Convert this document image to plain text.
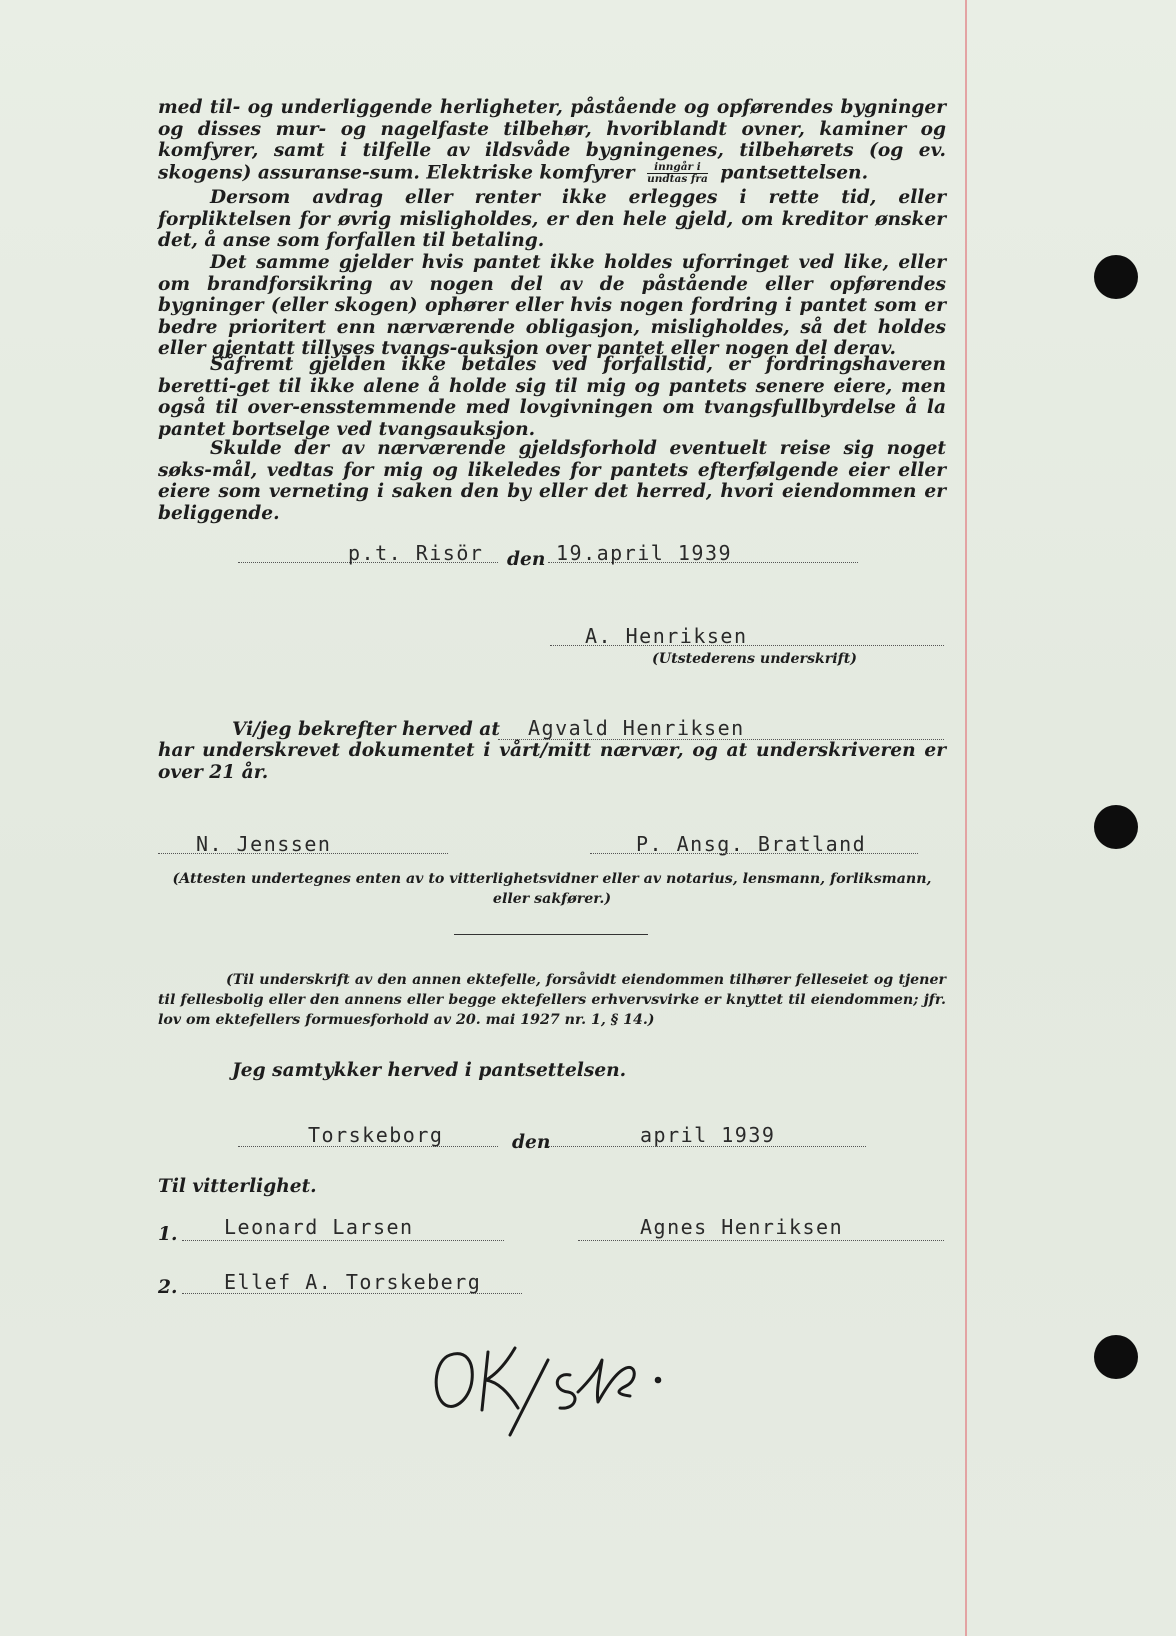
med til- og underliggende herligheter, påstående og opførendes bygninger og disses mur- og nagelfaste tilbehør, hvoriblandt ovner, kaminer og komfyrer, samt i tilfelle av ildsvåde bygningenes, tilbehørets (og ev. skogens) assuranse-sum. Elektriske komfyrer $\frac{\text{inngår i}}{\text{undtas fra}}$ pantsettelsen.
Dersom avdrag eller renter ikke erlegges i rette tid, eller forpliktelsen for øvrig misligholdes, er den hele gjeld, om kreditor ønsker det, å anse som forfallen til betaling.
Det samme gjelder hvis pantet ikke holdes uforringet ved like, eller om brandforsikring av nogen del av de påstående eller opførendes bygninger (eller skogen) ophører eller hvis nogen fordring i pantet som er bedre prioritert enn nærværende obligasjon, misligholdes, så det holdes eller gjentatt tillyses tvangs-auksjon over pantet eller nogen del derav.
Såfremt gjelden ikke betales ved forfallstid, er fordringshaveren beretti-get til ikke alene å holde sig til mig og pantets senere eiere, men også til over-ensstemmende med lovgivningen om tvangsfullbyrdelse å la pantet bortselge ved tvangsauksjon.
Skulde der av nærværende gjeldsforhold eventuelt reise sig noget søks-mål, vedtas for mig og likeledes for pantets efterfølgende eier eller eiere som verneting i saken den by eller det herred, hvori eiendommen er beliggende.
p.t. Risör den 19.april 1939
A. Henriksen
(Utstederens underskrift)
Vi/jeg bekrefter herved at Agvald Henriksen
har underskrevet dokumentet i vårt/mitt nærvær, og at underskriveren er over 21 år.
N. Jenssen	P. Ansg. Bratland
(Attesten undertegnes enten av to vitterlighetsvidner eller av notarius, lensmann, forliksmann, eller sakfører.)
(Til underskrift av den annen ektefelle, forsåvidt eiendommen tilhører felleseiet og tjener til fellesbolig eller den annens eller begge ektefellers erhvervsvirke er knyttet til eiendommen; jfr. lov om ektefellers formuesforhold av 20. mai 1927 nr. 1, § 14.)
Jeg samtykker herved i pantsettelsen.
Torskeborg	den	april 1939
Til vitterlighet.
1. Leonard Larsen	Agnes Henriksen
2. Ellef A. Torskeberg
